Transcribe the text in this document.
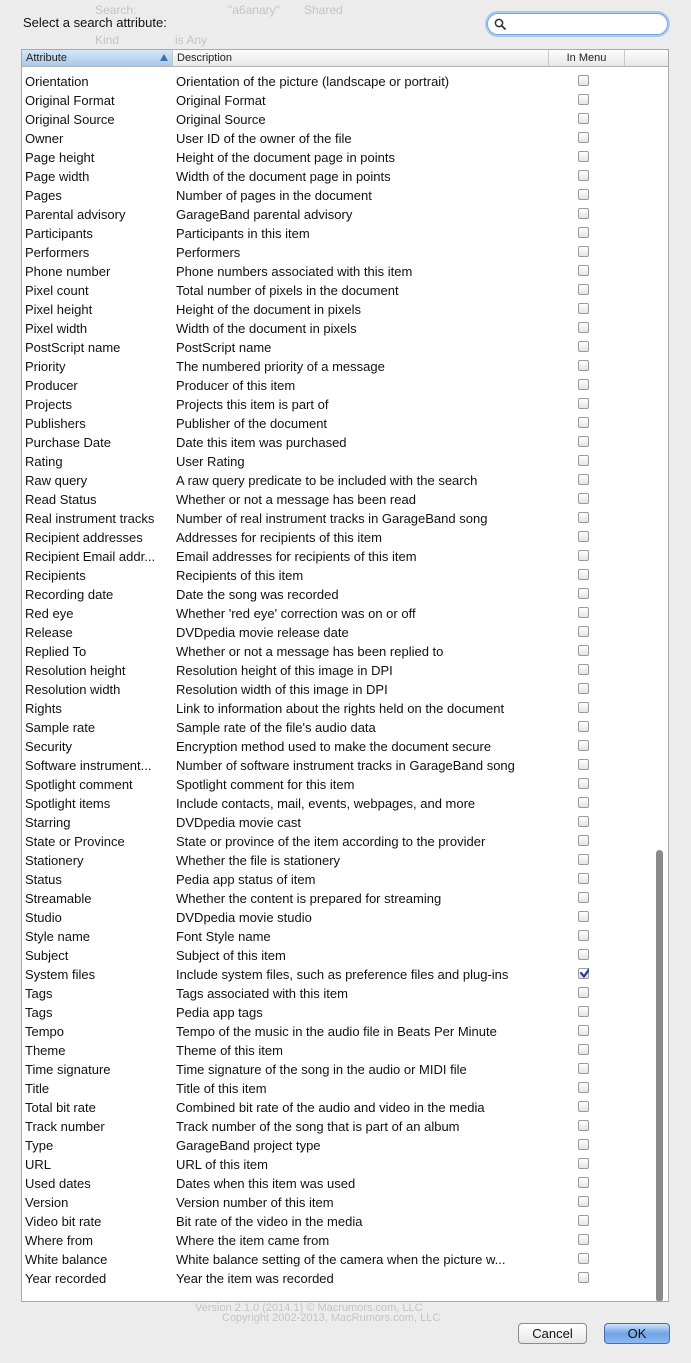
Search:	"a6anary" Shared
Kind	is Any
Select a search attribute:
Attribute	Description	In Menu
Orientation	Orientation of the picture (landscape or portrait)
Original Format	Original Format
Original Source	Original Source
Owner	User ID of the owner of the file
Page height	Height of the document page in points
Page width	Width of the document page in points
Pages	Number of pages in the document
Parental advisory	GarageBand parental advisory
Participants	Participants in this item
Performers	Performers
Phone number	Phone numbers associated with this item
Pixel count	Total number of pixels in the document
Pixel height	Height of the document in pixels
Pixel width	Width of the document in pixels
PostScript name	PostScript name
Priority	The numbered priority of a message
Producer	Producer of this item
Projects	Projects this item is part of
Publishers	Publisher of the document
Purchase Date	Date this item was purchased
Rating	User Rating
Raw query	A raw query predicate to be included with the search
Read Status	Whether or not a message has been read
Real instrument tracks	Number of real instrument tracks in GarageBand song
Recipient addresses	Addresses for recipients of this item
Recipient Email addr...	Email addresses for recipients of this item
Recipients	Recipients of this item
Recording date	Date the song was recorded
Red eye	Whether 'red eye' correction was on or off
Release	DVDpedia movie release date
Replied To	Whether or not a message has been replied to
Resolution height	Resolution height of this image in DPI
Resolution width	Resolution width of this image in DPI
Rights	Link to information about the rights held on the document
Sample rate	Sample rate of the file's audio data
Security	Encryption method used to make the document secure
Software instrument...	Number of software instrument tracks in GarageBand song
Spotlight comment	Spotlight comment for this item
Spotlight items	Include contacts, mail, events, webpages, and more
Starring	DVDpedia movie cast
State or Province	State or province of the item according to the provider
Stationery	Whether the file is stationery
Status	Pedia app status of item
Streamable	Whether the content is prepared for streaming
Studio	DVDpedia movie studio
Style name	Font Style name
Subject	Subject of this item
System files	Include system files, such as preference files and plug-ins
Tags	Tags associated with this item
Tags	Pedia app tags
Tempo	Tempo of the music in the audio file in Beats Per Minute
Theme	Theme of this item
Time signature	Time signature of the song in the audio or MIDI file
Title	Title of this item
Total bit rate	Combined bit rate of the audio and video in the media
Track number	Track number of the song that is part of an album
Type	GarageBand project type
URL	URL of this item
Used dates	Dates when this item was used
Version	Version number of this item
Video bit rate	Bit rate of the video in the media
Where from	Where the item came from
White balance	White balance setting of the camera when the picture w...
Year recorded	Year the item was recorded
Version 2.1.0 (2014.1) © Macrumors.com, LLC
Copyright 2002-2013, MacRumors.com, LLC
Cancel	OK
